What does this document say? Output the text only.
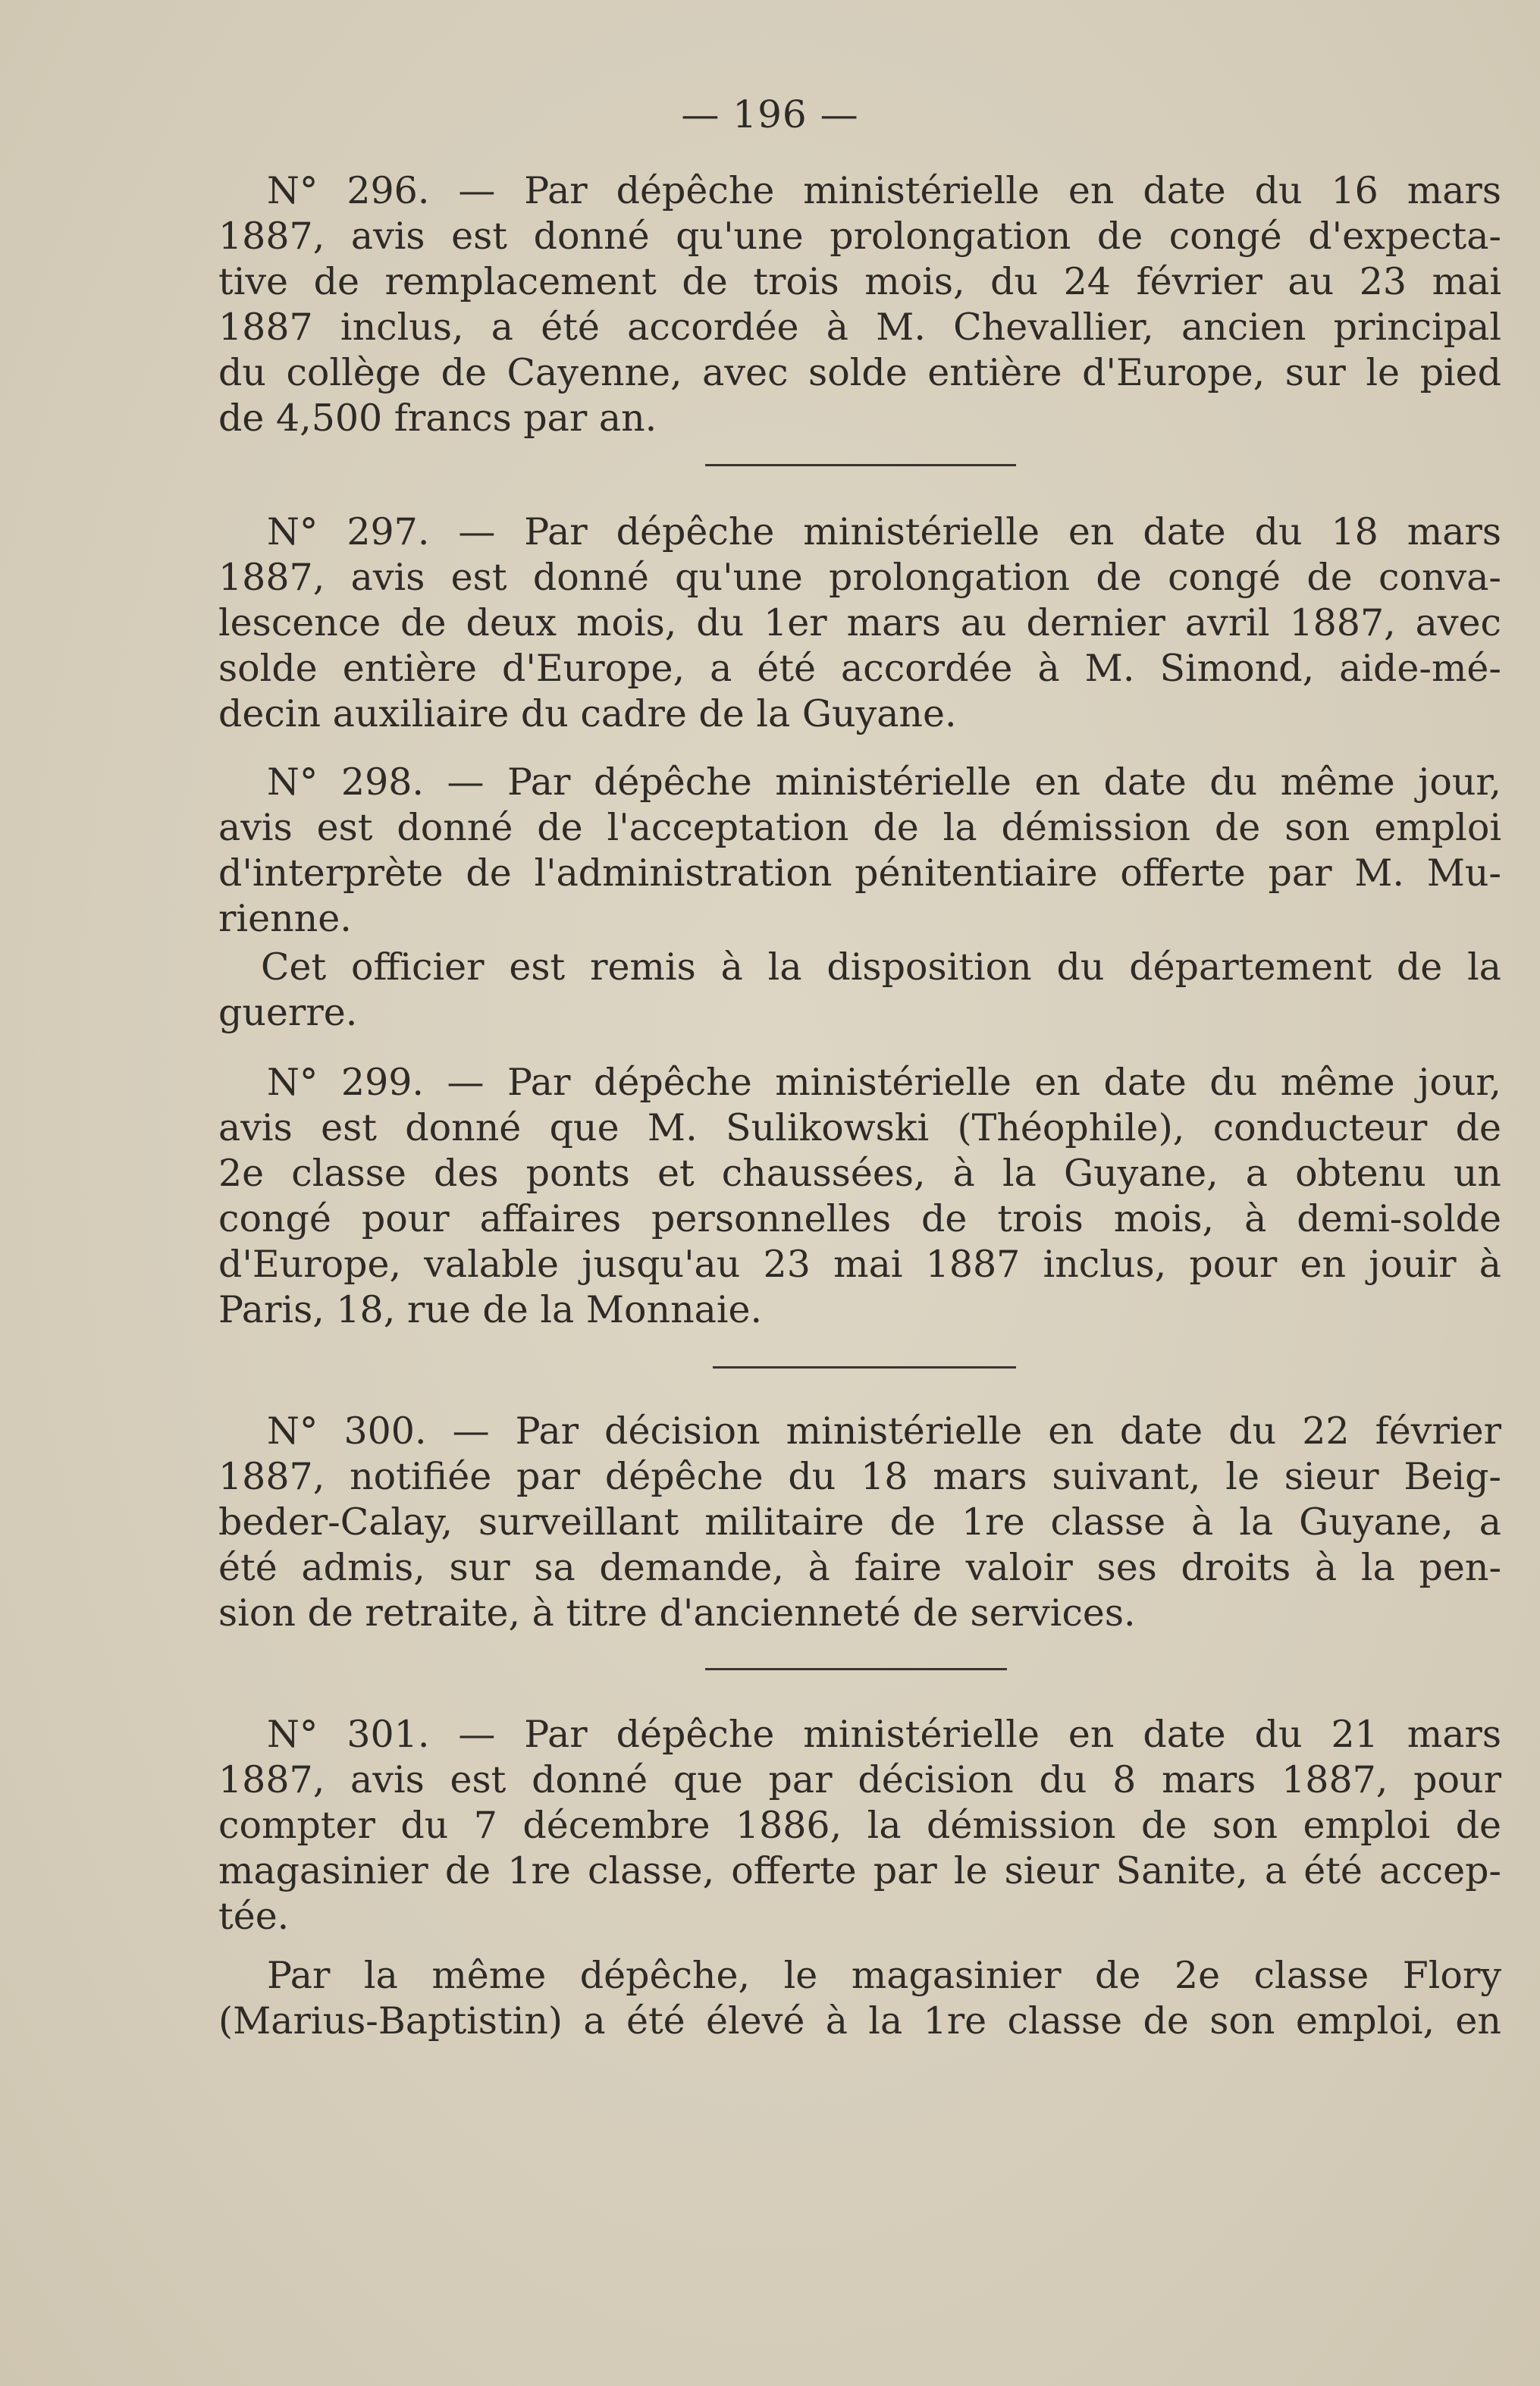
— 196 —
N° 296. — Par dépêche ministérielle en date du 16 mars
1887, avis est donné qu'une prolongation de congé d'expecta-
tive de remplacement de trois mois, du 24 février au 23 mai
1887 inclus, a été accordée à M. Chevallier, ancien principal
du collège de Cayenne, avec solde entière d'Europe, sur le pied
de 4,500 francs par an.
N° 297. — Par dépêche ministérielle en date du 18 mars
1887, avis est donné qu'une prolongation de congé de conva-
lescence de deux mois, du 1er mars au dernier avril 1887, avec
solde entière d'Europe, a été accordée à M. Simond, aide-mé-
decin auxiliaire du cadre de la Guyane.
N° 298. — Par dépêche ministérielle en date du même jour,
avis est donné de l'acceptation de la démission de son emploi
d'interprète de l'administration pénitentiaire offerte par M. Mu-
rienne.
Cet officier est remis à la disposition du département de la
guerre.
N° 299. — Par dépêche ministérielle en date du même jour,
avis est donné que M. Sulikowski (Théophile), conducteur de
2e classe des ponts et chaussées, à la Guyane, a obtenu un
congé pour affaires personnelles de trois mois, à demi-solde
d'Europe, valable jusqu'au 23 mai 1887 inclus, pour en jouir à
Paris, 18, rue de la Monnaie.
N° 300. — Par décision ministérielle en date du 22 février
1887, notifiée par dépêche du 18 mars suivant, le sieur Beig-
beder-Calay, surveillant militaire de 1re classe à la Guyane, a
été admis, sur sa demande, à faire valoir ses droits à la pen-
sion de retraite, à titre d'ancienneté de services.
N° 301. — Par dépêche ministérielle en date du 21 mars
1887, avis est donné que par décision du 8 mars 1887, pour
compter du 7 décembre 1886, la démission de son emploi de
magasinier de 1re classe, offerte par le sieur Sanite, a été accep-
tée.
Par la même dépêche, le magasinier de 2e classe Flory
(Marius-Baptistin) a été élevé à la 1re classe de son emploi, en
